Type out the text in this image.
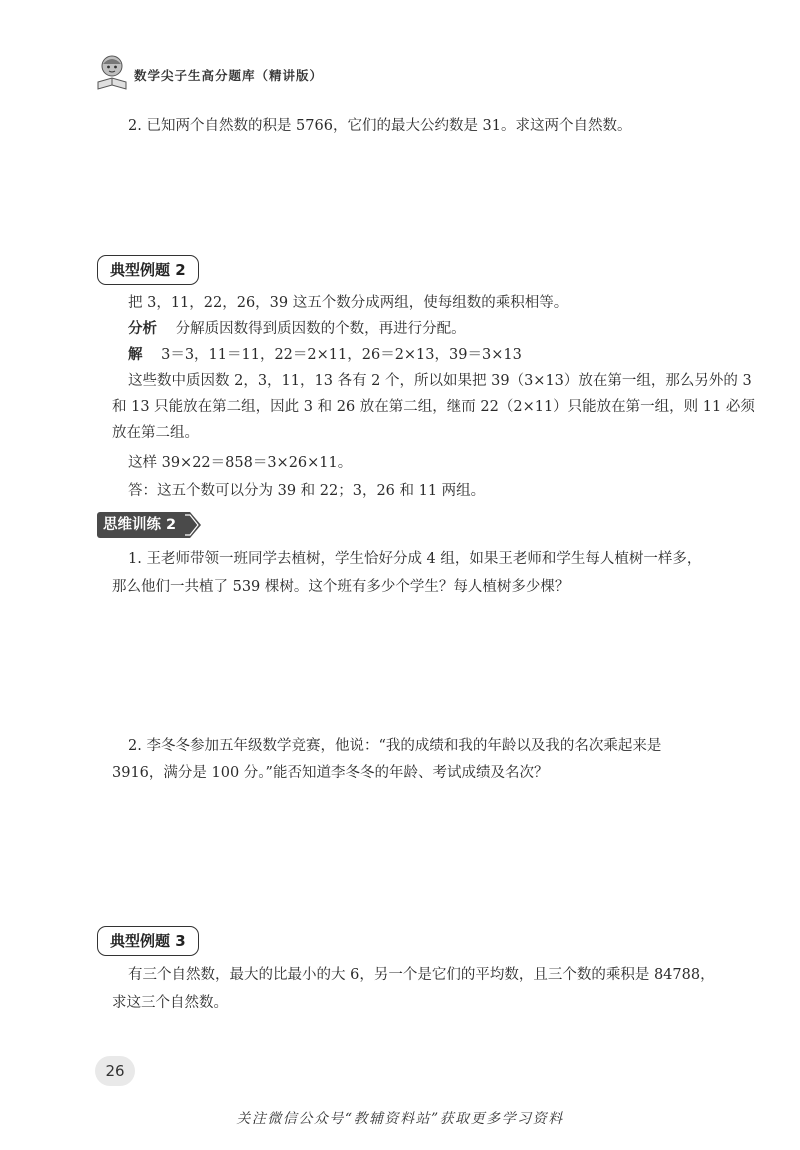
数学尖子生高分题库（精讲版）
2. 已知两个自然数的积是 5766，它们的最大公约数是 31。求这两个自然数。
典型例题 2
把 3，11，22，26，39 这五个数分成两组，使每组数的乘积相等。
分析 分解质因数得到质因数的个数，再进行分配。
解 3＝3，11＝11，22＝2×11，26＝2×13，39＝3×13
这些数中质因数 2，3，11，13 各有 2 个，所以如果把 39（3×13）放在第一组，那么另外的 3
和 13 只能放在第二组，因此 3 和 26 放在第二组，继而 22（2×11）只能放在第一组，则 11 必须
放在第二组。
这样 39×22＝858＝3×26×11。
答：这五个数可以分为 39 和 22；3，26 和 11 两组。
思维训练 2
1. 王老师带领一班同学去植树，学生恰好分成 4 组，如果王老师和学生每人植树一样多，
那么他们一共植了 539 棵树。这个班有多少个学生？每人植树多少棵？
2. 李冬冬参加五年级数学竞赛，他说：“我的成绩和我的年龄以及我的名次乘起来是
3916，满分是 100 分。”能否知道李冬冬的年龄、考试成绩及名次？
典型例题 3
有三个自然数，最大的比最小的大 6，另一个是它们的平均数，且三个数的乘积是 84788，
求这三个自然数。
26
关注微信公众号“教辅资料站”获取更多学习资料
